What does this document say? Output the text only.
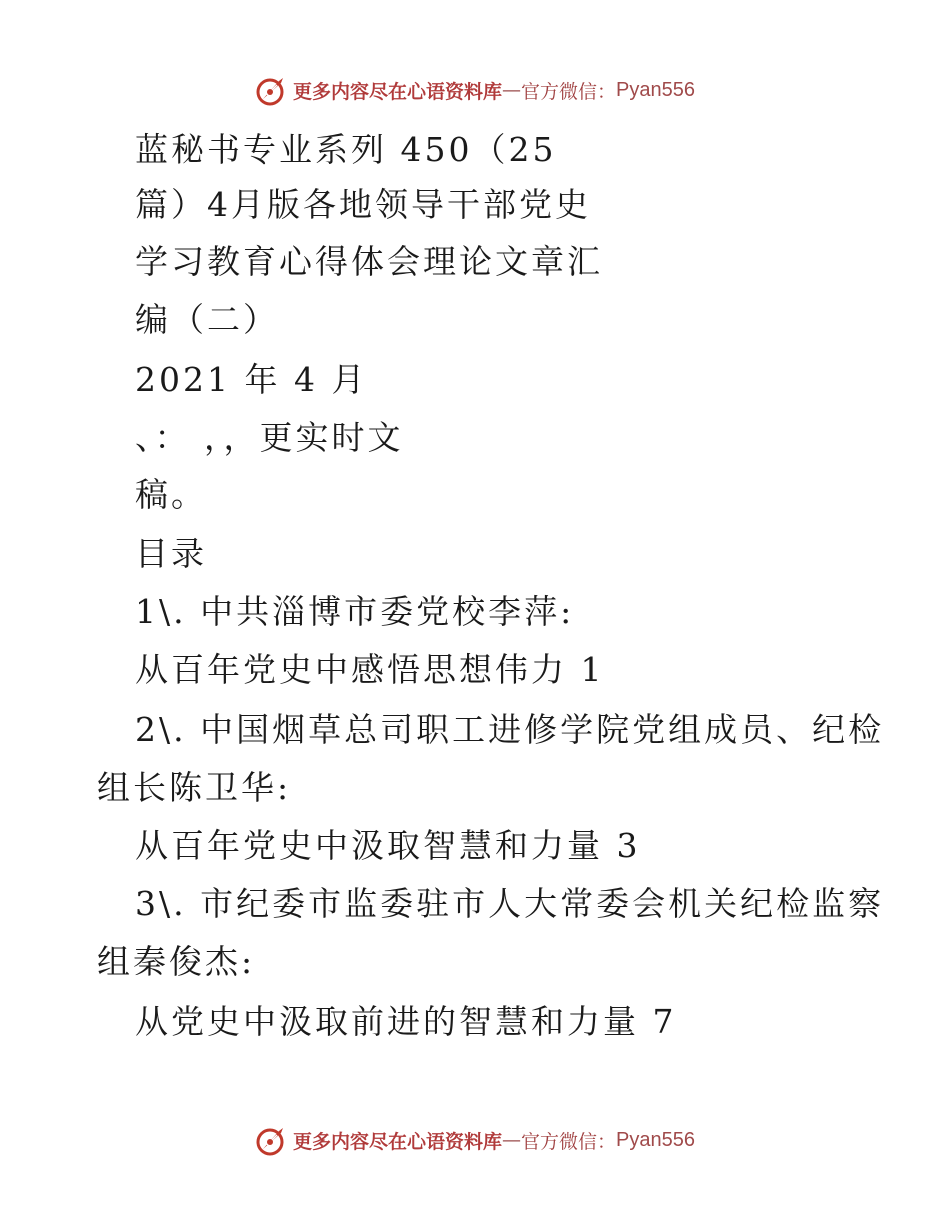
更多内容尽在心语资料库 — 官方微信： Pyan556
蓝秘书专业系列 450（25
篇）4月版各地领导干部党史
学习教育心得体会理论文章汇
编（二）
2021 年 4 月
、： ，，更实时文
稿。
目录
1\. 中共淄博市委党校李萍:
从百年党史中感悟思想伟力 1
2\. 中国烟草总司职工进修学院党组成员、纪检
组长陈卫华:
从百年党史中汲取智慧和力量 3
3\. 市纪委市监委驻市人大常委会机关纪检监察
组秦俊杰:
从党史中汲取前进的智慧和力量 7
更多内容尽在心语资料库 — 官方微信： Pyan556
